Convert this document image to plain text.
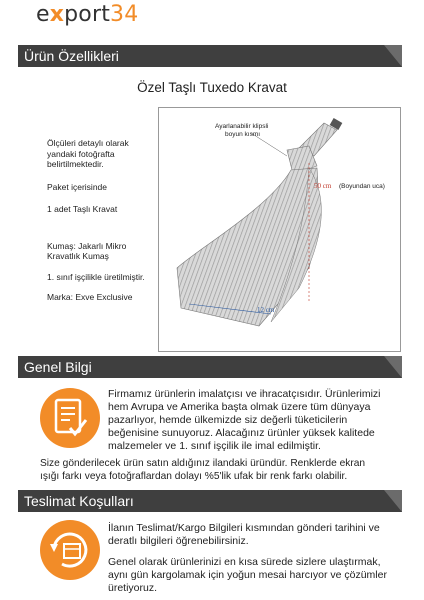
export34
Ürün Özellikleri
Özel Taşlı Tuxedo Kravat
Ölçüleri detaylı olarak
yandaki fotoğrafta
belirtilmektedir.
Paket içerisinde
1 adet Taşlı Kravat
Kumaş: Jakarlı Mikro
Kravatlık Kumaş
1. sınıf işçilikle üretilmiştir.
Marka: Exve Exclusive
Ayarlanabilir klipsli
boyun kısmı
50 cm (Boyundan uca)
12 cm
Genel Bilgi
Firmamız ürünlerin imalatçısı ve ihracatçısıdır. Ürünlerimizi
hem Avrupa ve Amerika başta olmak üzere tüm dünyaya
pazarlıyor, hemde ülkemizde siz değerli tüketicilerin
beğenisine sunuyoruz. Alacağınız ürünler yüksek kalitede
malzemeler ve 1. sınıf işçilik ile imal edilmiştir.
Size gönderilecek ürün satın aldığınız ilandaki üründür. Renklerde ekran
ışığı farkı veya fotoğraflardan dolayı %5'lik ufak bir renk farkı olabilir.
Teslimat Koşulları
İlanın Teslimat/Kargo Bilgileri kısmından gönderi tarihini ve
deratlı bilgileri öğrenebilirsiniz.
Genel olarak ürünlerinizi en kısa sürede sizlere ulaştırmak,
aynı gün kargolamak için yoğun mesai harcıyor ve çözümler
üretiyoruz.
